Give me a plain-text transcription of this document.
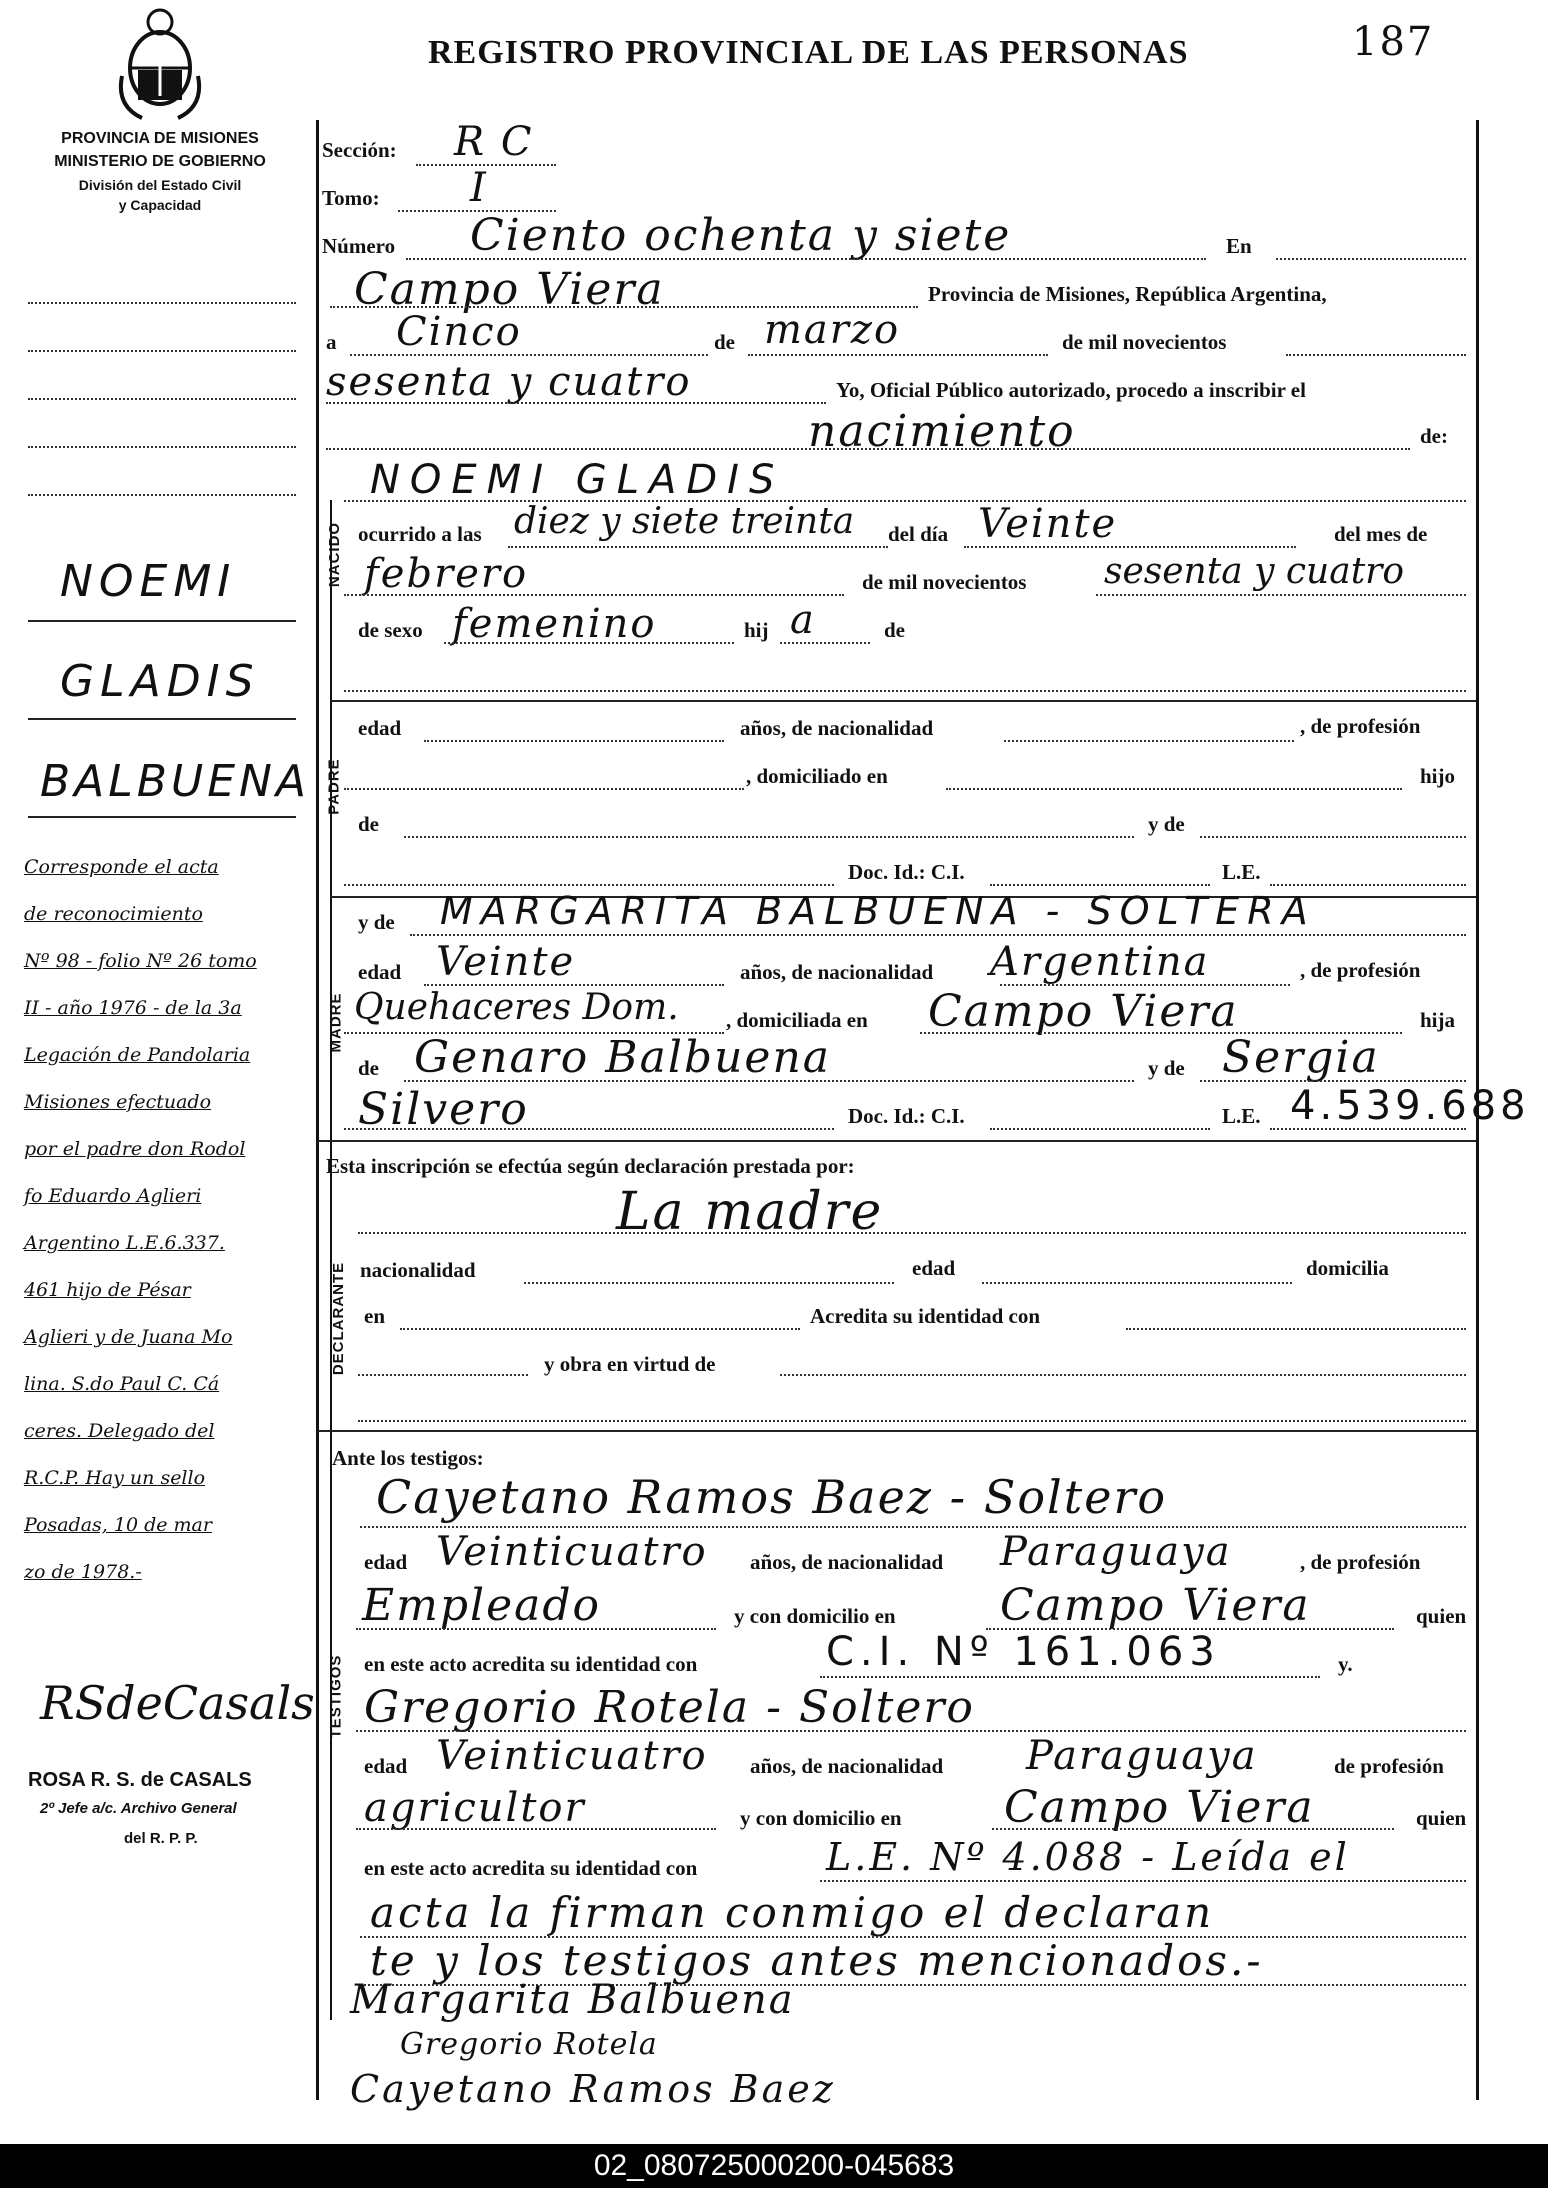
REGISTRO PROVINCIAL DE LAS PERSONAS	187
PROVINCIA DE MISIONES
MINISTERIO DE GOBIERNO
División del Estado Civil
y Capacidad
NOEMI
GLADIS
BALBUENA
Corresponde el acta
de reconocimiento
Nº 98 - folio Nº 26 tomo
II - año 1976 - de la 3a
Legación de Pandolaria
Misiones efectuado
por el padre don Rodol
fo Eduardo Aglieri
Argentino L.E.6.337.
461 hijo de Pésar
Aglieri y de Juana Mo
lina. S.do Paul C. Cá
ceres. Delegado del
R.C.P. Hay un sello
Posadas, 10 de mar
zo de 1978.-
RSdeCasals
ROSA R. S. de CASALS
2º Jefe a/c. Archivo General
del R. P. P.
NACIDO
PADRE
MADRE
DECLARANTE
TESTIGOS
Sección: R C
Tomo: I
Número Ciento ochenta y siete	En
Campo Viera	Provincia de Misiones, República Argentina,
a Cinco	de marzo	de mil novecientos
sesenta y cuatro	Yo, Oficial Público autorizado, procedo a inscribir el
nacimiento	de:
NOEMI GLADIS
ocurrido a las diez y siete treinta del día Veinte	del mes de
febrero	de mil novecientos sesenta y cuatro
de sexo femenino	hij a	de
edad	años, de nacionalidad	, de profesión
, domiciliado en	hijo
de	y de
Doc. Id.: C.I.	L.E.
y de MARGARITA BALBUENA - SOLTERA
edad Veinte	años, de nacionalidad Argentina	, de profesión
Quehaceres Dom. , domiciliada en Campo Viera	hija
de Genaro Balbuena	y de Sergia
Silvero	Doc. Id.: C.I.	L.E. 4.539.688
Esta inscripción se efectúa según declaración prestada por:
La madre
nacionalidad	edad	domicilia
en	Acredita su identidad con
y obra en virtud de
Ante los testigos:
Cayetano Ramos Baez - Soltero
edad Veinticuatro años, de nacionalidad Paraguaya	, de profesión
Empleado	y con domicilio en Campo Viera	quien
en este acto acredita su identidad con	C.I. Nº 161.063	y.
Gregorio Rotela - Soltero
edad Veinticuatro años, de nacionalidad Paraguaya	de profesión
agricultor	y con domicilio en Campo Viera	quien
en este acto acredita su identidad con	L.E. Nº 4.088 - Leída el
acta la firman conmigo el declaran
te y los testigos antes mencionados.-
Margarita Balbuena
Gregorio Rotela
Cayetano Ramos Baez
02_080725000200-045683
